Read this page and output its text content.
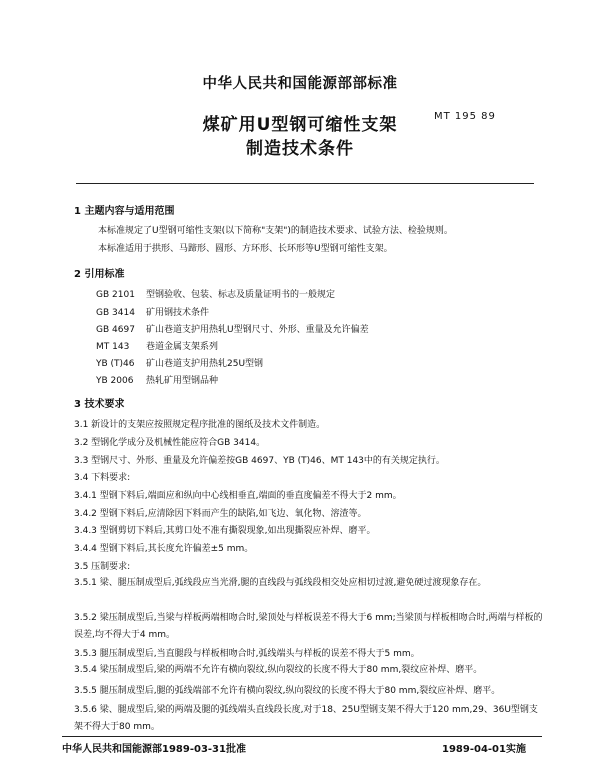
中华人民共和国能源部部标准
煤矿用U型钢可缩性支架	MT 195 89
制造技术条件
1 主题内容与适用范围
本标准规定了U型钢可缩性支架(以下简称"支架")的制造技术要求、试验方法、检验规则。
本标准适用于拱形、马蹄形、圆形、方环形、长环形等U型钢可缩性支架。
2 引用标准
GB 2101 型钢验收、包装、标志及质量证明书的一般规定
GB 3414 矿用钢技术条件
GB 4697 矿山巷道支护用热轧U型钢尺寸、外形、重量及允许偏差
MT 143 巷道金属支架系列
YB (T)46 矿山巷道支护用热轧25U型钢
YB 2006 热轧矿用型钢品种
3 技术要求
3.1 新设计的支架应按照规定程序批准的图纸及技术文件制造。
3.2 型钢化学成分及机械性能应符合GB 3414。
3.3 型钢尺寸、外形、重量及允许偏差按GB 4697、YB (T)46、MT 143中的有关规定执行。
3.4 下料要求:
3.4.1 型钢下料后,端面应和纵向中心线相垂直,端面的垂直度偏差不得大于2 mm。
3.4.2 型钢下料后,应清除因下料而产生的缺陷,如飞边、氧化物、溶渣等。
3.4.3 型钢剪切下料后,其剪口处不准有撕裂现象,如出现撕裂应补焊、磨平。
3.4.4 型钢下料后,其长度允许偏差±5 mm。
3.5 压制要求:
3.5.1 梁、腿压制成型后,弧线段应当光滑,腿的直线段与弧线段相交处应相切过渡,避免硬过渡现象存在。
3.5.2 梁压制成型后,当梁与样板两端相吻合时,梁顶处与样板误差不得大于6 mm;当梁顶与样板相吻合时,两端与样板的误差,均不得大于4 mm。
3.5.3 腿压制成型后,当直腿段与样板相吻合时,弧线端头与样板的误差不得大于5 mm。
3.5.4 梁压制成型后,梁的两端不允许有横向裂纹,纵向裂纹的长度不得大于80 mm,裂纹应补焊、磨平。
3.5.5 腿压制成型后,腿的弧线端部不允许有横向裂纹,纵向裂纹的长度不得大于80 mm,裂纹应补焊、磨平。
3.5.6 梁、腿成型后,梁的两端及腿的弧线端头直线段长度,对于18、25U型钢支架不得大于120 mm,29、36U型钢支架不得大于80 mm。
中华人民共和国能源部1989-03-31批准	1989-04-01实施
